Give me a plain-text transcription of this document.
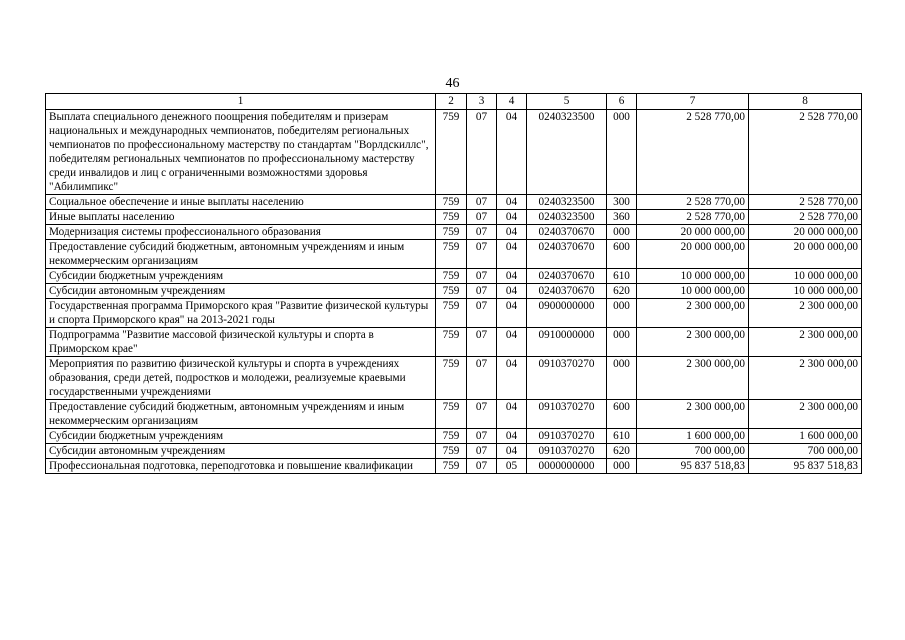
46
1	2	3	4	5	6	7	8
Выплата специального денежного поощрения победителям и призерам национальных и международных чемпионатов, победителям региональных чемпионатов по профессиональному мастерству по стандартам "Ворлдскиллс", победителям региональных чемпионатов по профессиональному мастерству среди инвалидов и лиц с ограниченными возможностями здоровья "Абилимпикс"	759	07	04	0240323500	000	2 528 770,00	2 528 770,00
Социальное обеспечение и иные выплаты населению	759	07	04	0240323500	300	2 528 770,00	2 528 770,00
Иные выплаты населению	759	07	04	0240323500	360	2 528 770,00	2 528 770,00
Модернизация системы профессионального образования	759	07	04	0240370670	000	20 000 000,00	20 000 000,00
Предоставление субсидий бюджетным, автономным учреждениям и иным некоммерческим организациям	759	07	04	0240370670	600	20 000 000,00	20 000 000,00
Субсидии бюджетным учреждениям	759	07	04	0240370670	610	10 000 000,00	10 000 000,00
Субсидии автономным учреждениям	759	07	04	0240370670	620	10 000 000,00	10 000 000,00
Государственная программа Приморского края "Развитие физической культуры и спорта Приморского края" на 2013-2021 годы	759	07	04	0900000000	000	2 300 000,00	2 300 000,00
Подпрограмма "Развитие массовой физической культуры и спорта в Приморском крае"	759	07	04	0910000000	000	2 300 000,00	2 300 000,00
Мероприятия по развитию физической культуры и спорта в учреждениях образования, среди детей, подростков и молодежи, реализуемые краевыми государственными учреждениями	759	07	04	0910370270	000	2 300 000,00	2 300 000,00
Предоставление субсидий бюджетным, автономным учреждениям и иным некоммерческим организациям	759	07	04	0910370270	600	2 300 000,00	2 300 000,00
Субсидии бюджетным учреждениям	759	07	04	0910370270	610	1 600 000,00	1 600 000,00
Субсидии автономным учреждениям	759	07	04	0910370270	620	700 000,00	700 000,00
Профессиональная подготовка, переподготовка и повышение квалификации	759	07	05	0000000000	000	95 837 518,83	95 837 518,83
